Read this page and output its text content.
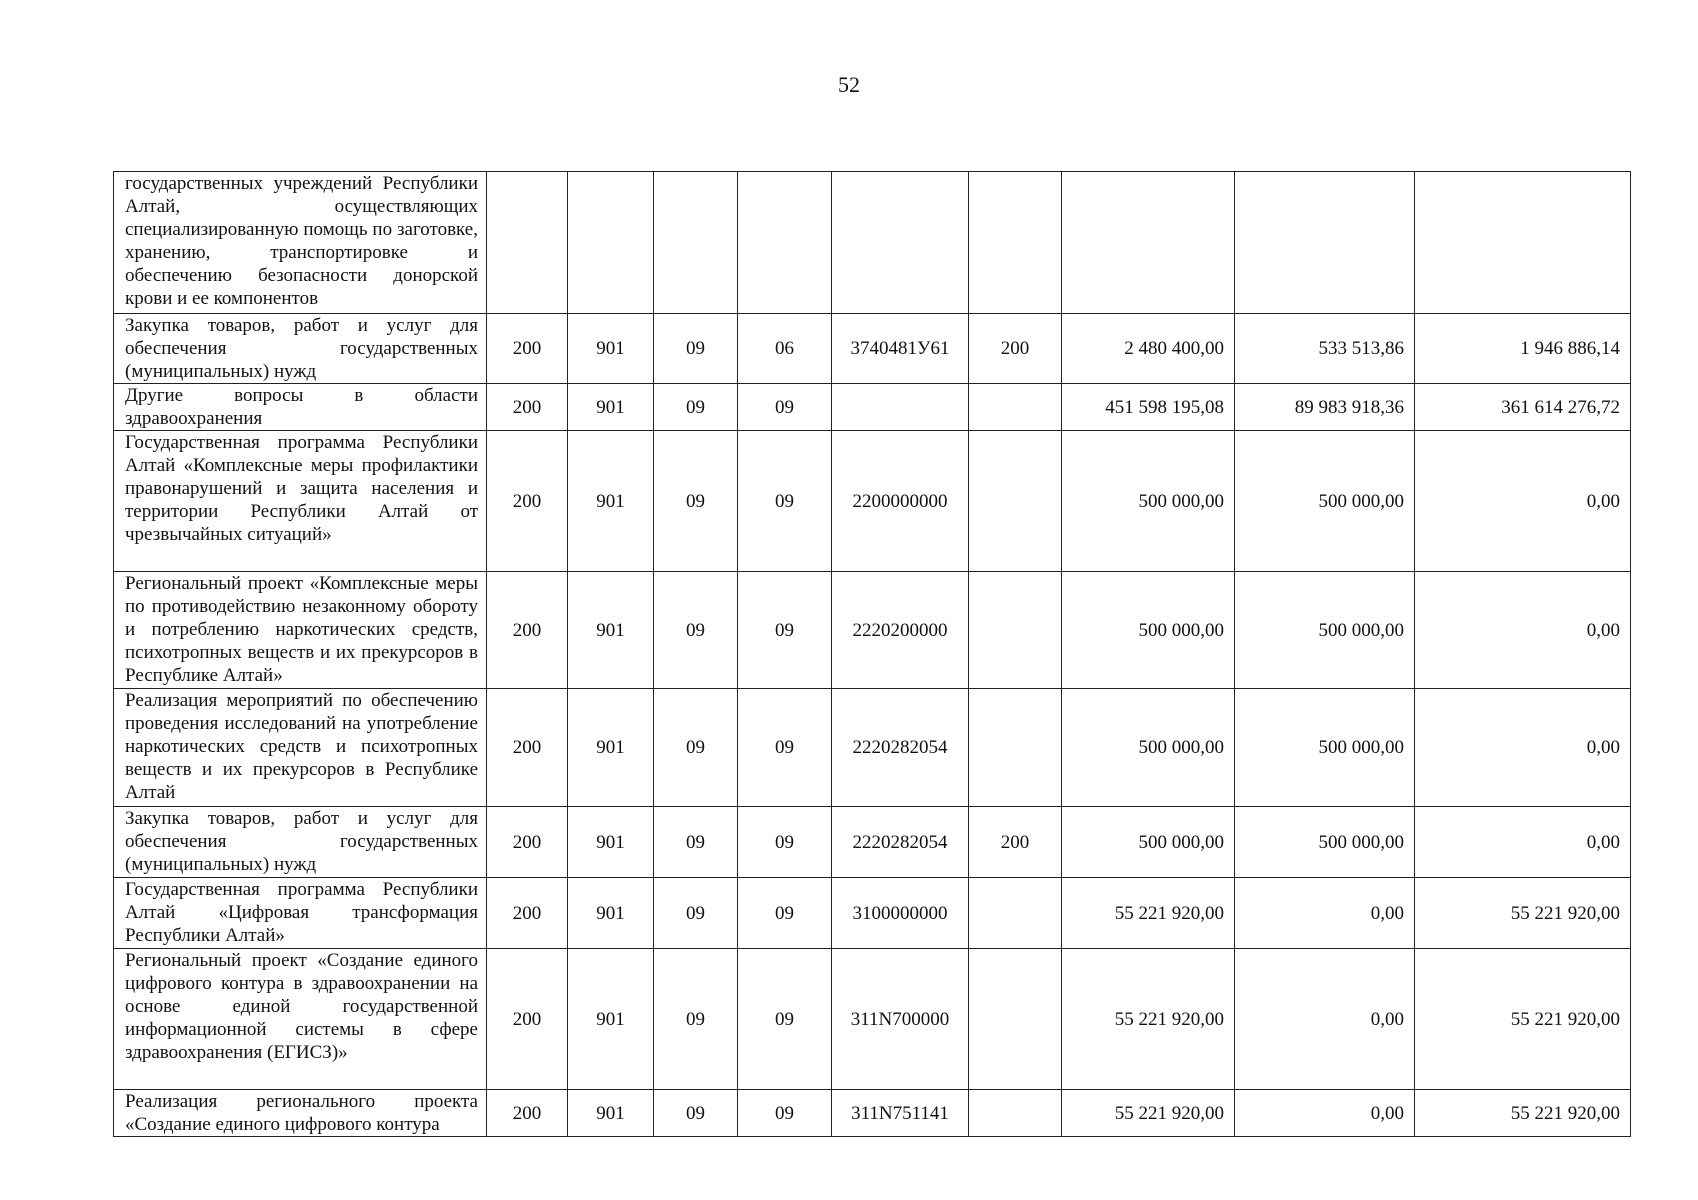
52
государственных учреждений Республики Алтай, осуществляющих специализированную помощь по заготовке, хранению, транспортировке и обеспечению безопасности донорской крови и ее компонентов									
Закупка товаров, работ и услуг для обеспечения государственных (муниципальных) нужд	200	901	09	06	3740481У61	200	2 480 400,00	533 513,86	1 946 886,14
Другие вопросы в области здравоохранения	200	901	09	09			451 598 195,08	89 983 918,36	361 614 276,72
Государственная программа Республики Алтай «Комплексные меры профилактики правонарушений и защита населения и территории Республики Алтай от чрезвычайных ситуаций»	200	901	09	09	2200000000		500 000,00	500 000,00	0,00
Региональный проект «Комплексные меры по противодействию незаконному обороту и потреблению наркотических средств, психотропных веществ и их прекурсоров в Республике Алтай»	200	901	09	09	2220200000		500 000,00	500 000,00	0,00
Реализация мероприятий по обеспечению проведения исследований на употребление наркотических средств и психотропных веществ и их прекурсоров в Республике Алтай	200	901	09	09	2220282054		500 000,00	500 000,00	0,00
Закупка товаров, работ и услуг для обеспечения государственных (муниципальных) нужд	200	901	09	09	2220282054	200	500 000,00	500 000,00	0,00
Государственная программа Республики Алтай «Цифровая трансформация Республики Алтай»	200	901	09	09	3100000000		55 221 920,00	0,00	55 221 920,00
Региональный проект «Создание единого цифрового контура в здравоохранении на основе единой государственной информационной системы в сфере здравоохранения (ЕГИСЗ)»	200	901	09	09	311N700000		55 221 920,00	0,00	55 221 920,00
Реализация регионального проекта «Создание единого цифрового контура	200	901	09	09	311N751141		55 221 920,00	0,00	55 221 920,00
